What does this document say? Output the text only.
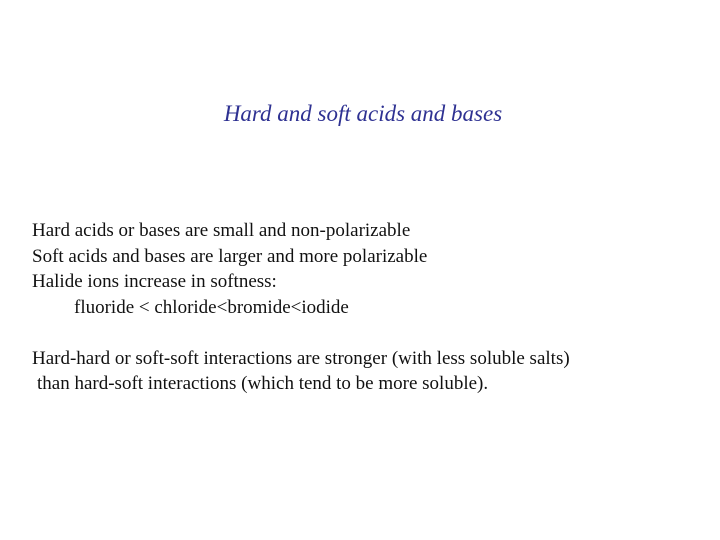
Hard and soft acids and bases
Hard acids or bases are small and non-polarizable
Soft acids and bases are larger and more polarizable
Halide ions increase in softness:
fluoride < chloride<bromide<iodide
Hard-hard or soft-soft interactions are stronger (with less soluble salts)
than hard-soft interactions (which tend to be more soluble).
